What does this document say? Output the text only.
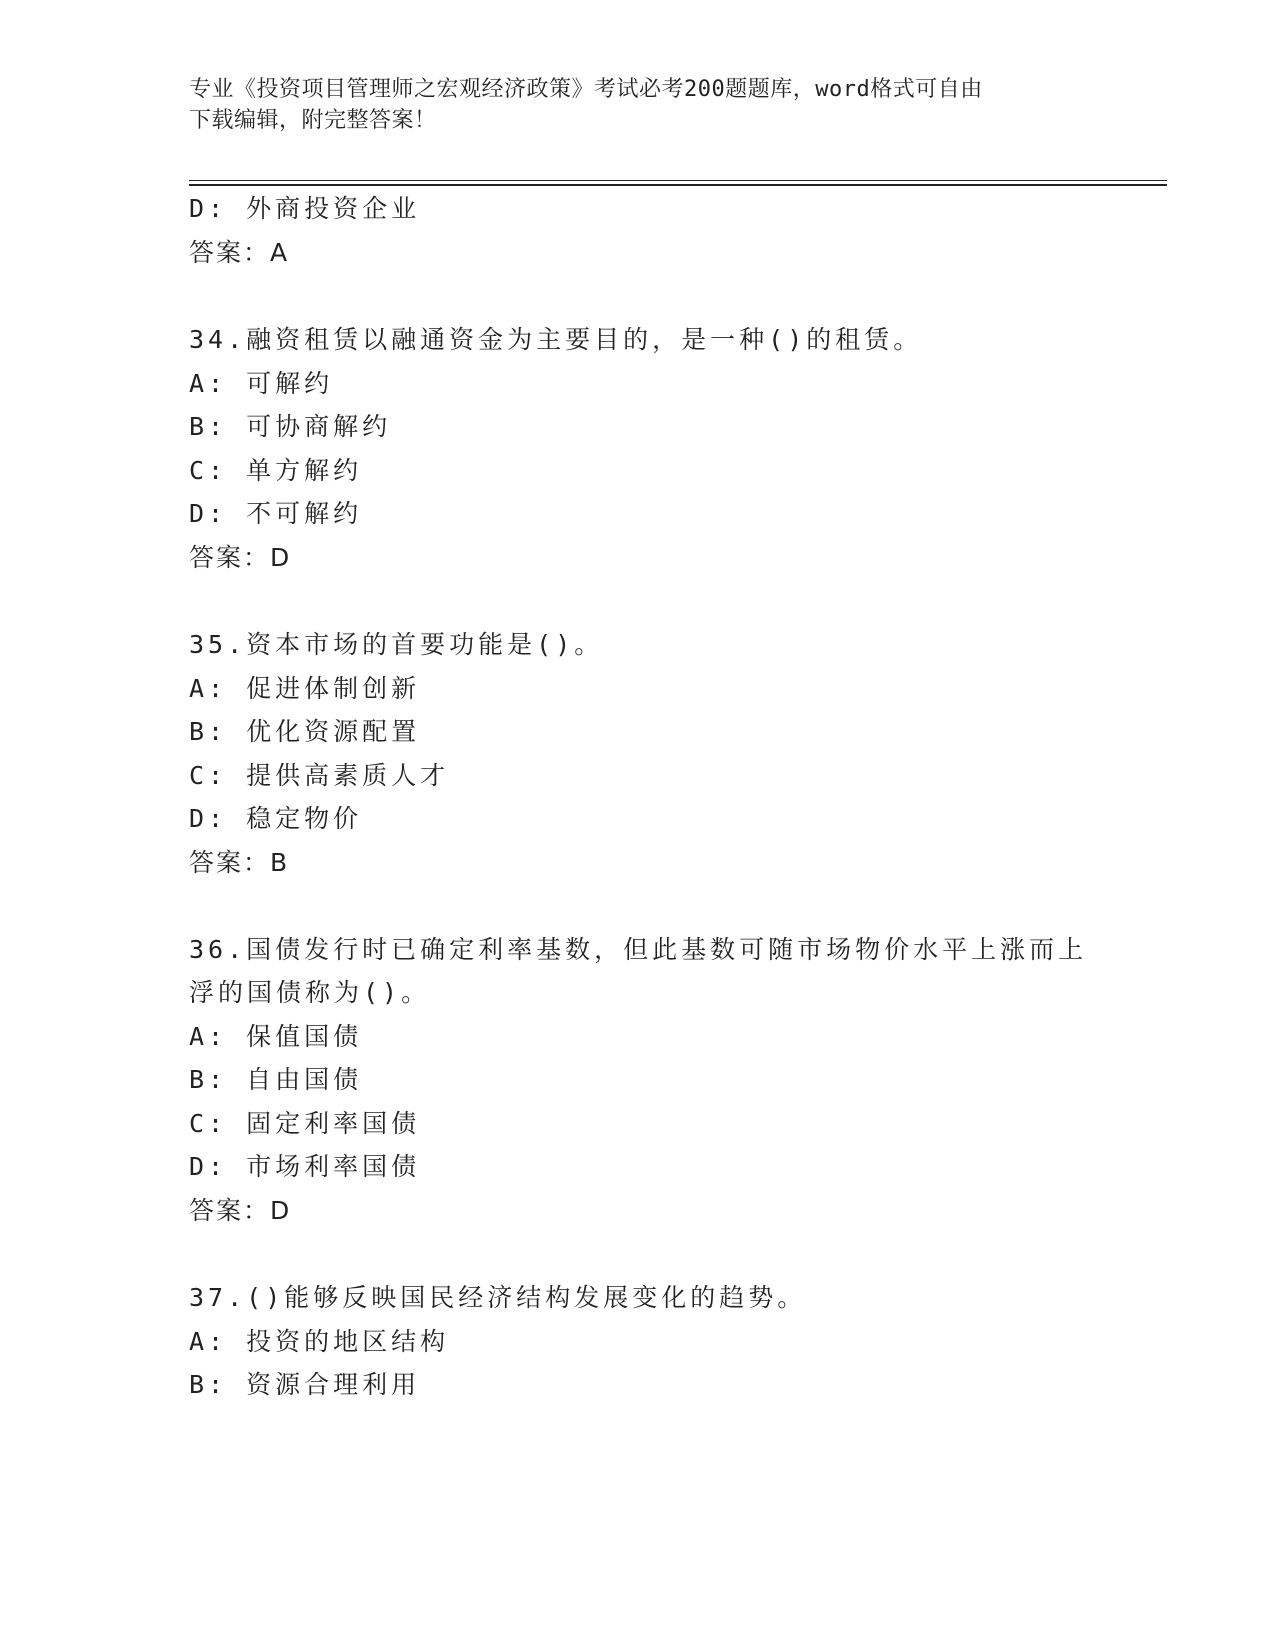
专业《投资项目管理师之宏观经济政策》考试必考200题题库，word格式可自由
下载编辑，附完整答案！
D: 外商投资企业
答案：A
34.融资租赁以融通资金为主要目的，是一种()的租赁。
A: 可解约
B: 可协商解约
C: 单方解约
D: 不可解约
答案：D
35.资本市场的首要功能是()。
A: 促进体制创新
B: 优化资源配置
C: 提供高素质人才
D: 稳定物价
答案：B
36.国债发行时已确定利率基数，但此基数可随市场物价水平上涨而上
浮的国债称为()。
A: 保值国债
B: 自由国债
C: 固定利率国债
D: 市场利率国债
答案：D
37.()能够反映国民经济结构发展变化的趋势。
A: 投资的地区结构
B: 资源合理利用
